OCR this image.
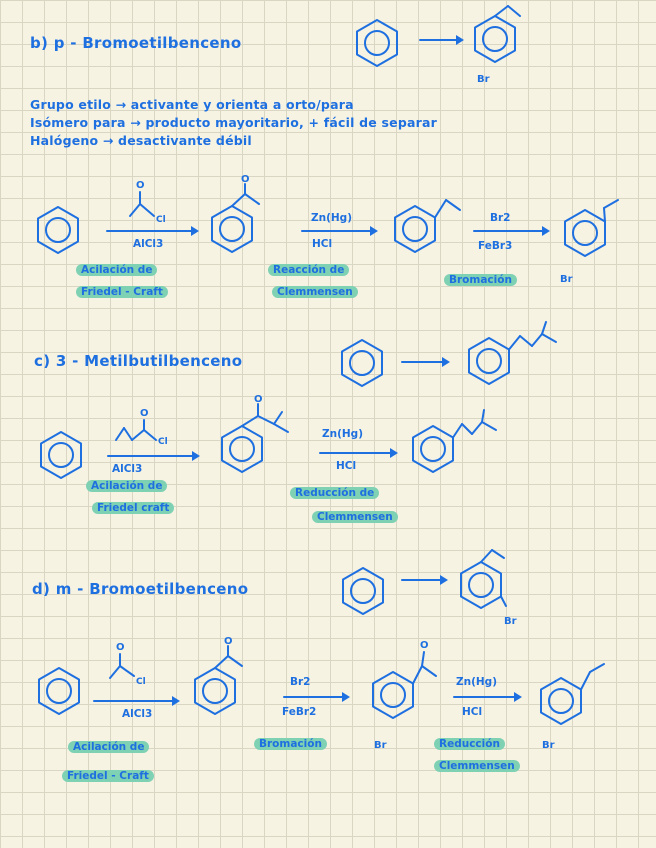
b) p - Bromoetilbenceno
Br
Grupo etilo → activante y orienta a orto/para
Isómero para → producto mayoritario, + fácil de separar
Halógeno → desactivante débil
O
Cl
AlCl3
Acilación de
Friedel - Craft
O
Zn(Hg)
HCl
Reacción de
Clemmensen
Br2
FeBr3
Bromación	Br
c) 3 - Metilbutilbenceno
O
Cl
AlCl3
Acilación de
Friedel craft
O
Zn(Hg)
HCl
Reducción de
Clemmensen
d) m - Bromoetilbenceno
Br
O
Cl
AlCl3
Acilación de
Friedel - Craft
O
Br2
FeBr2
Bromación
O
Br
Zn(Hg)
HCl
Reducción
Clemmensen
Br
